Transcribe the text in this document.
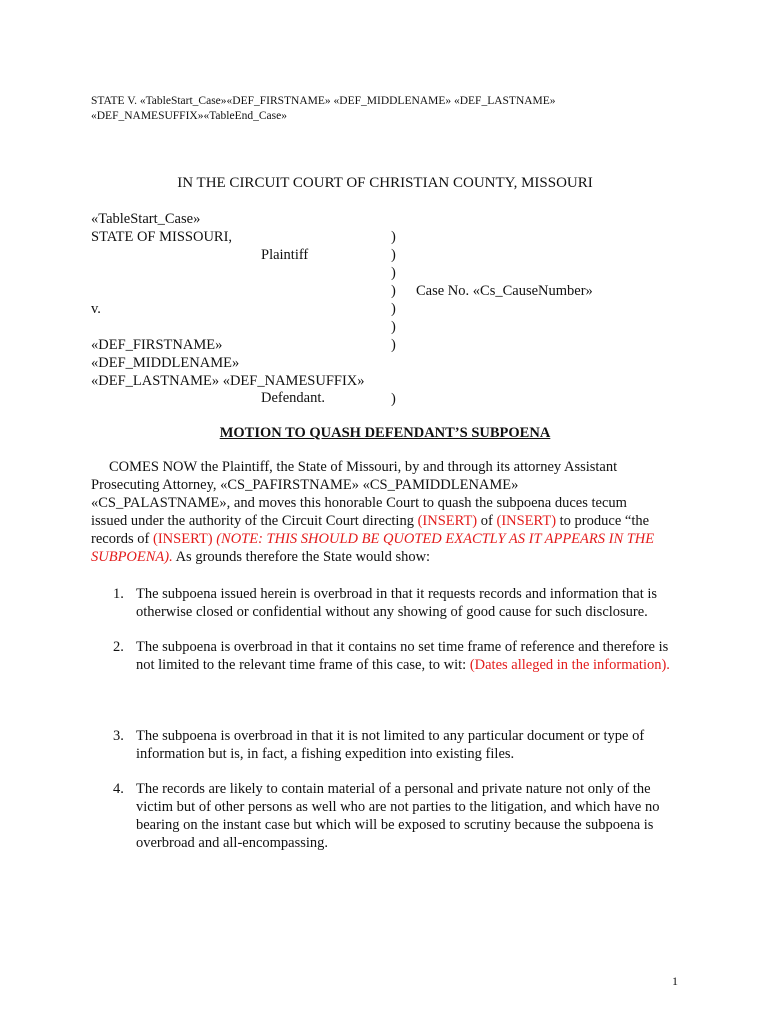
STATE V. «TableStart_Case»«DEF_FIRSTNAME» «DEF_MIDDLENAME» «DEF_LASTNAME»
«DEF_NAMESUFFIX»«TableEnd_Case»
IN THE CIRCUIT COURT OF CHRISTIAN COUNTY, MISSOURI
«TableStart_Case»
STATE OF MISSOURI,
v.
«DEF_FIRSTNAME»
«DEF_MIDDLENAME»
«DEF_LASTNAME» «DEF_NAMESUFFIX»
Plaintiff
Defendant.
)
)
)
)
)
)
)
)
Case No. «Cs_CauseNumber»
MOTION TO QUASH DEFENDANT’S SUBPOENA
COMES NOW the Plaintiff, the State of Missouri, by and through its attorney Assistant Prosecuting Attorney, «CS_PAFIRSTNAME» «CS_PAMIDDLENAME» «CS_PALASTNAME», and moves this honorable Court to quash the subpoena duces tecum issued under the authority of the Circuit Court directing (INSERT) of (INSERT) to produce “the records of (INSERT) (NOTE: THIS SHOULD BE QUOTED EXACTLY AS IT APPEARS IN THE SUBPOENA). As grounds therefore the State would show:
1. The subpoena issued herein is overbroad in that it requests records and information that is otherwise closed or confidential without any showing of good cause for such disclosure.
2. The subpoena is overbroad in that it contains no set time frame of reference and therefore is not limited to the relevant time frame of this case, to wit: (Dates alleged in the information).
3. The subpoena is overbroad in that it is not limited to any particular document or type of information but is, in fact, a fishing expedition into existing files.
4. The records are likely to contain material of a personal and private nature not only of the victim but of other persons as well who are not parties to the litigation, and which have no bearing on the instant case but which will be exposed to scrutiny because the subpoena is overbroad and all-encompassing.
1
